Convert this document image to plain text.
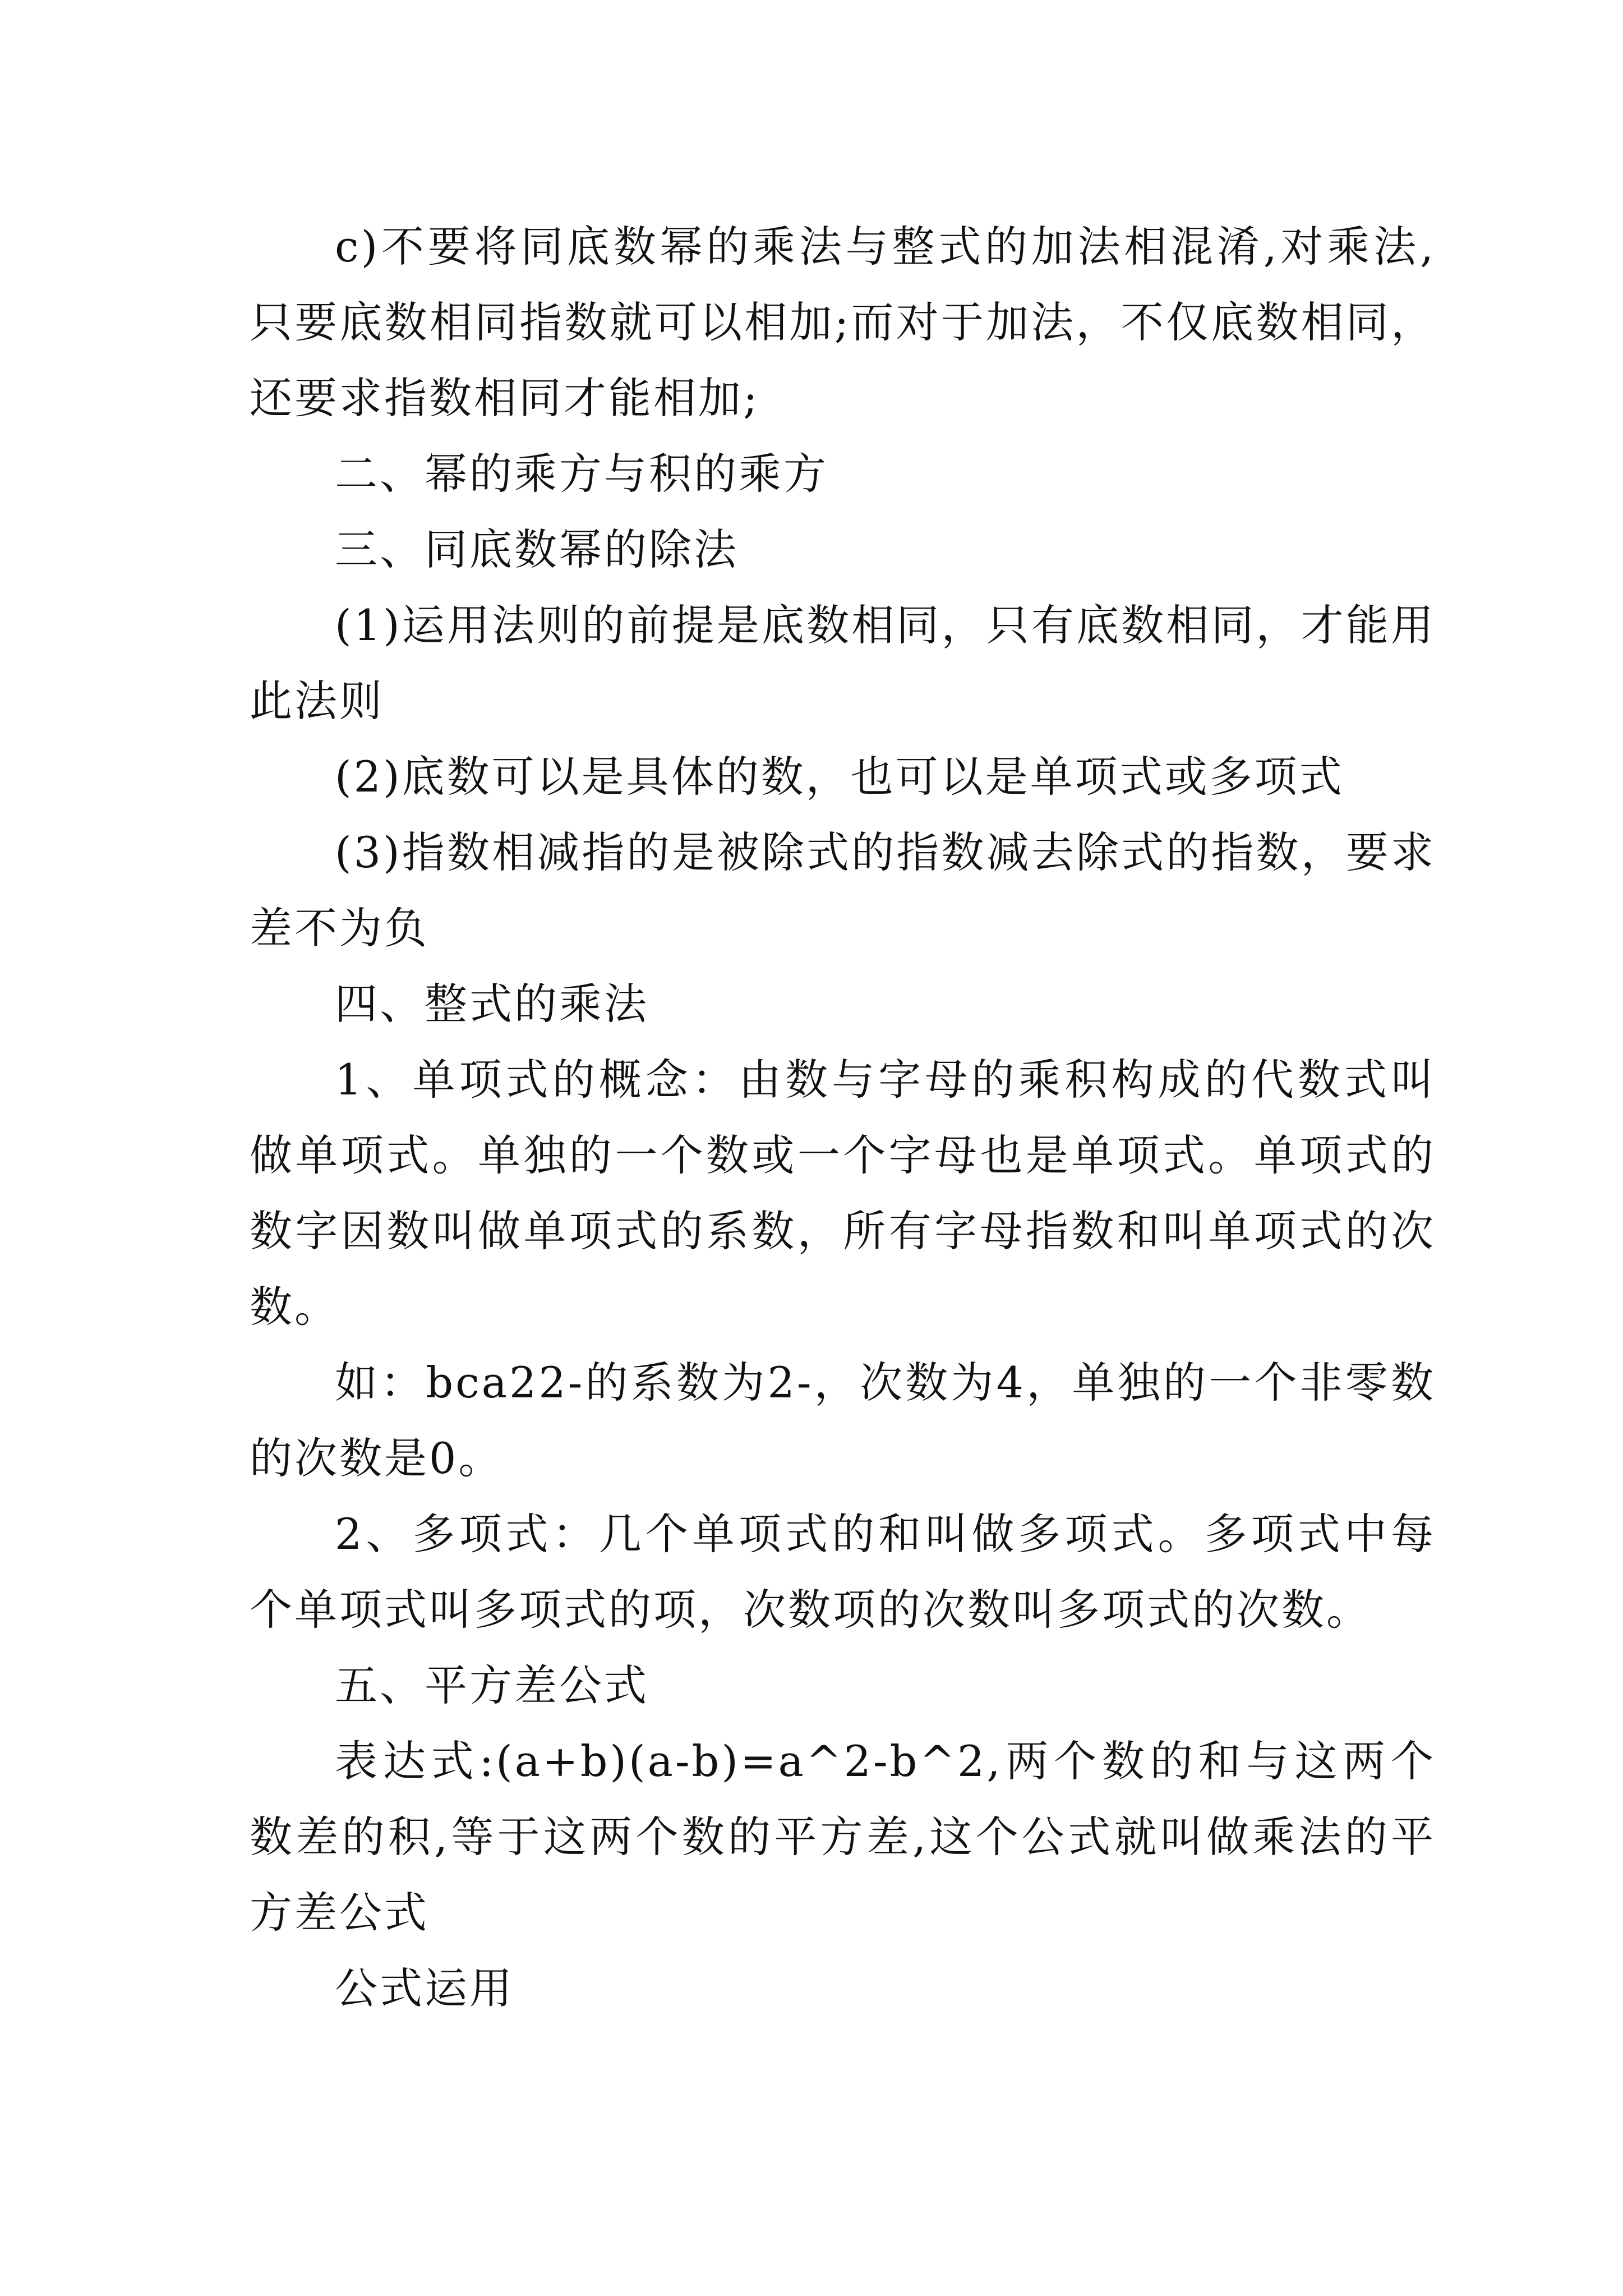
c)不要将同底数幂的乘法与整式的加法相混淆,对乘法,只要底数相同指数就可以相加;而对于加法，不仅底数相同，还要求指数相同才能相加;

二、幂的乘方与积的乘方

三、同底数幂的除法

(1)运用法则的前提是底数相同，只有底数相同，才能用此法则

(2)底数可以是具体的数，也可以是单项式或多项式

(3)指数相减指的是被除式的指数减去除式的指数，要求差不为负

四、整式的乘法

1、单项式的概念：由数与字母的乘积构成的代数式叫做单项式。单独的一个数或一个字母也是单项式。单项式的数字因数叫做单项式的系数，所有字母指数和叫单项式的次数。

如：bca22-的系数为2-，次数为4，单独的一个非零数的次数是0。

2、多项式：几个单项式的和叫做多项式。多项式中每个单项式叫多项式的项，次数项的次数叫多项式的次数。

五、平方差公式

表达式:(a+b)(a-b)=a^2-b^2,两个数的和与这两个数差的积,等于这两个数的平方差,这个公式就叫做乘法的平方差公式

公式运用
